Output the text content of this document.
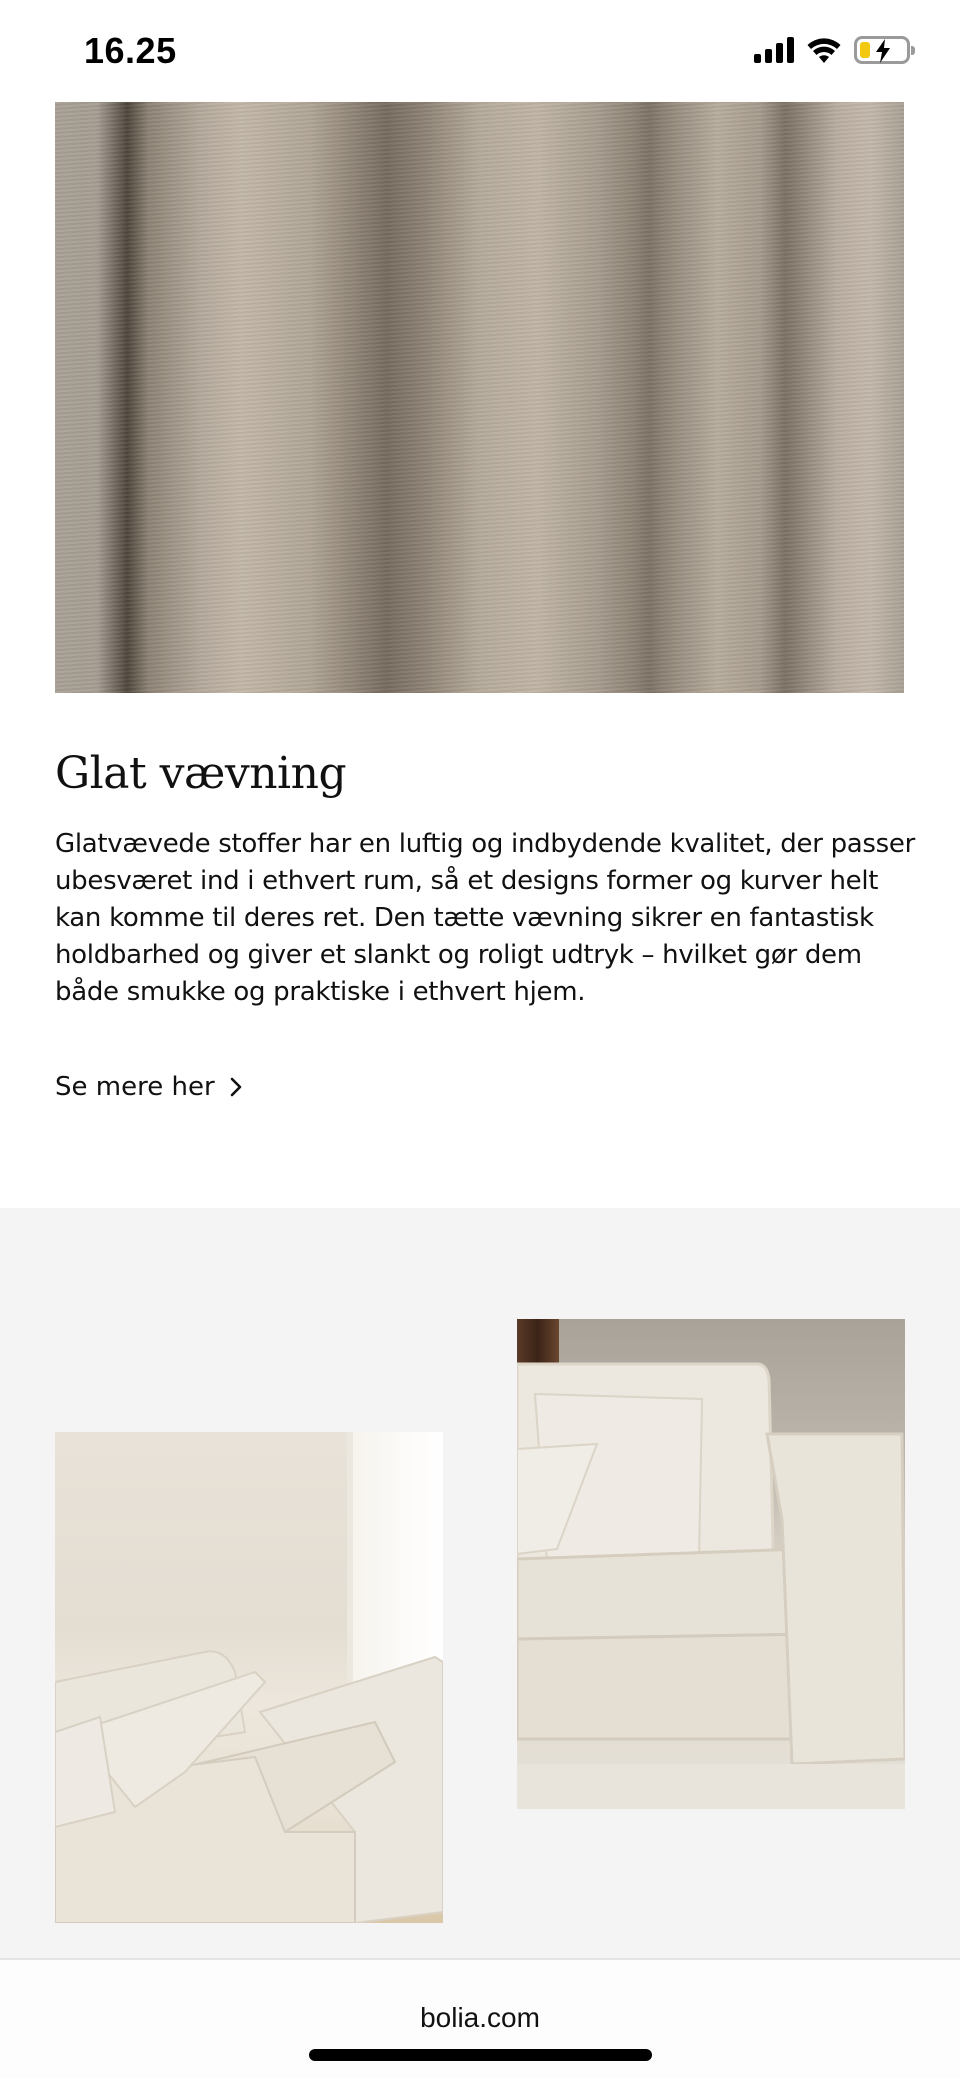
16.25
Glat vævning

Glatvævede stoffer har en luftig og indbydende kvalitet, der passer ubesværet ind i ethvert rum, så et designs former og kurver helt kan komme til deres ret. Den tætte vævning sikrer en fantastisk holdbarhed og giver et slankt og roligt udtryk – hvilket gør dem både smukke og praktiske i ethvert hjem.

Se mere her
bolia.com
